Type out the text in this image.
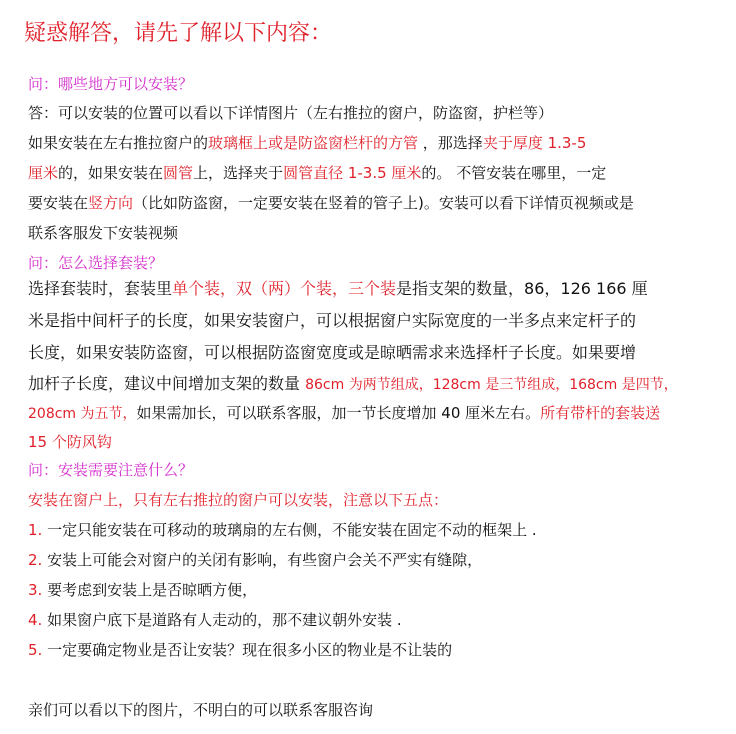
疑惑解答，请先了解以下内容：
问：哪些地方可以安装？
答：可以安装的位置可以看以下详情图片（左右推拉的窗户，防盗窗，护栏等）
如果安装在左右推拉窗户的玻璃框上或是防盗窗栏杆的方管 ，那选择夹于厚度 1.3-5
厘米的，如果安装在圆管上，选择夹于圆管直径 1-3.5 厘米的。 不管安装在哪里，一定
要安装在竖方向（比如防盗窗，一定要安装在竖着的管子上)。安装可以看下详情页视频或是
联系客服发下安装视频
问：怎么选择套装？
选择套装时，套装里单个装，双（两）个装，三个装是指支架的数量，86，126 166 厘
米是指中间杆子的长度，如果安装窗户，可以根据窗户实际宽度的一半多点来定杆子的
长度，如果安装防盗窗，可以根据防盗窗宽度或是晾晒需求来选择杆子长度。如果要增
加杆子长度，建议中间增加支架的数量 86cm 为两节组成，128cm 是三节组成，168cm 是四节，
208cm 为五节，如果需加长，可以联系客服，加一节长度增加 40 厘米左右。所有带杆的套装送
15 个防风钩
问：安装需要注意什么？
安装在窗户上，只有左右推拉的窗户可以安装，注意以下五点：
1. 一定只能安装在可移动的玻璃扇的左右侧，不能安装在固定不动的框架上 .
2. 安装上可能会对窗户的关闭有影响，有些窗户会关不严实有缝隙，
3. 要考虑到安装上是否晾晒方便，
4. 如果窗户底下是道路有人走动的，那不建议朝外安装 .
5. 一定要确定物业是否让安装？现在很多小区的物业是不让装的
亲们可以看以下的图片，不明白的可以联系客服咨询
